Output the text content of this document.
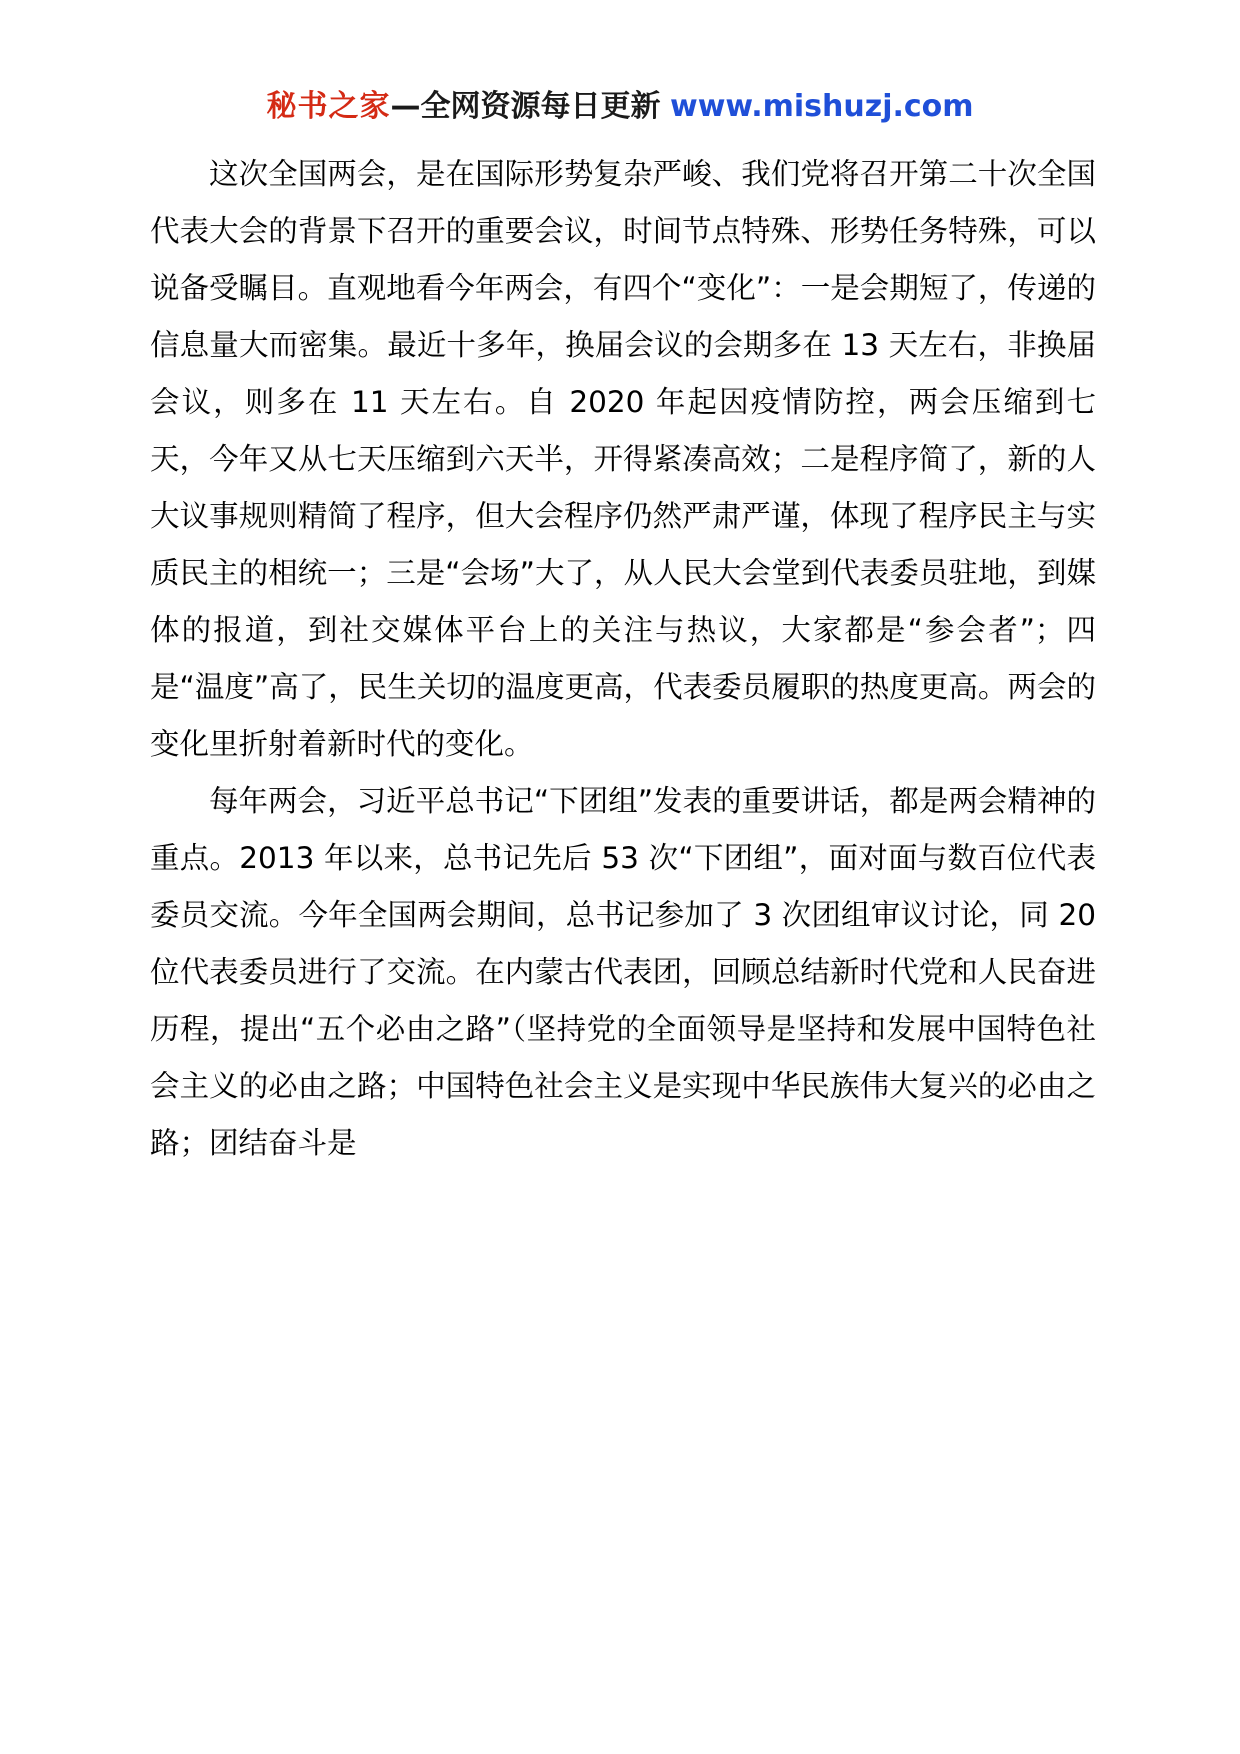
秘书之家—全网资源每日更新 www.mishuzj.com

这次全国两会，是在国际形势复杂严峻、我们党将召开第二十次全国代表大会的背景下召开的重要会议，时间节点特殊、形势任务特殊，可以说备受瞩目。直观地看今年两会，有四个“变化”：一是会期短了，传递的信息量大而密集。最近十多年，换届会议的会期多在 13 天左右，非换届会议，则多在 11 天左右。自 2020 年起因疫情防控，两会压缩到七天，今年又从七天压缩到六天半，开得紧凑高效；二是程序简了，新的人大议事规则精简了程序，但大会程序仍然严肃严谨，体现了程序民主与实质民主的相统一；三是“会场”大了，从人民大会堂到代表委员驻地，到媒体的报道，到社交媒体平台上的关注与热议，大家都是“参会者”；四是“温度”高了，民生关切的温度更高，代表委员履职的热度更高。两会的变化里折射着新时代的变化。

每年两会，习近平总书记“下团组”发表的重要讲话，都是两会精神的重点。2013 年以来，总书记先后 53 次“下团组”，面对面与数百位代表委员交流。今年全国两会期间，总书记参加了 3 次团组审议讨论，同 20 位代表委员进行了交流。在内蒙古代表团，回顾总结新时代党和人民奋进历程，提出“五个必由之路”（坚持党的全面领导是坚持和发展中国特色社会主义的必由之路；中国特色社会主义是实现中华民族伟大复兴的必由之路；团结奋斗是
